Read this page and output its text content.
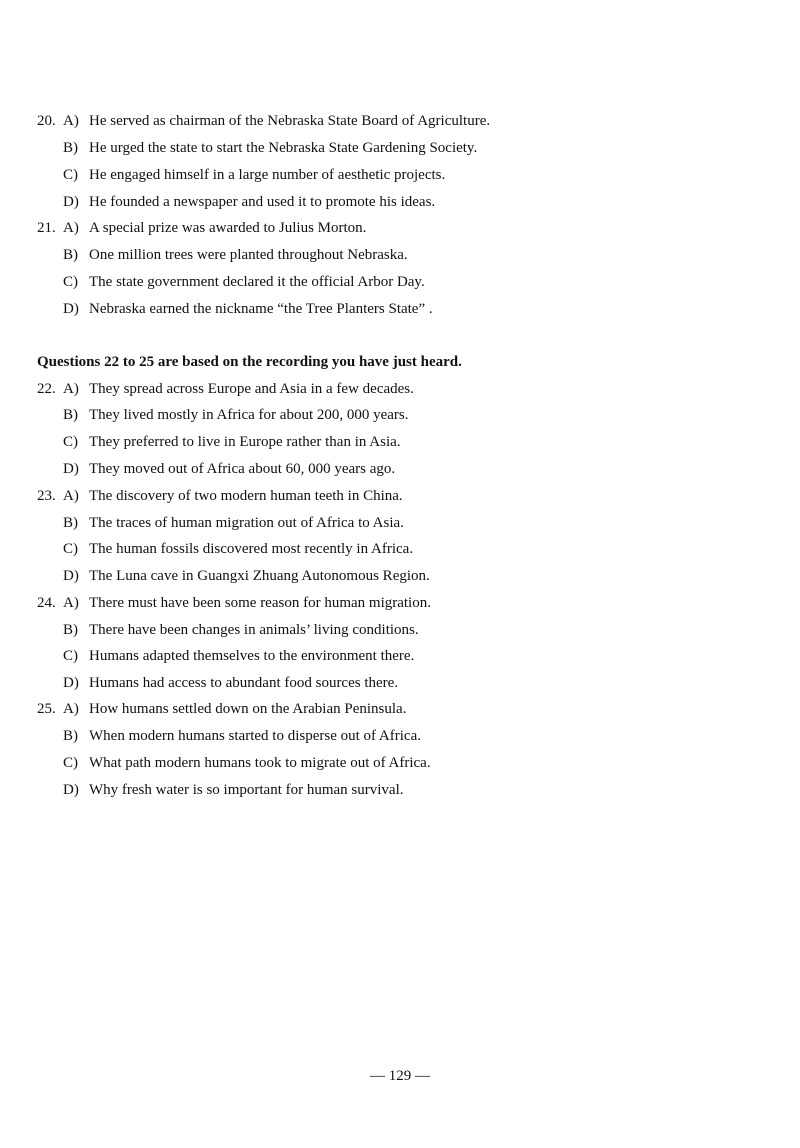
20. A) He served as chairman of the Nebraska State Board of Agriculture.
B) He urged the state to start the Nebraska State Gardening Society.
C) He engaged himself in a large number of aesthetic projects.
D) He founded a newspaper and used it to promote his ideas.
21. A) A special prize was awarded to Julius Morton.
B) One million trees were planted throughout Nebraska.
C) The state government declared it the official Arbor Day.
D) Nebraska earned the nickname “the Tree Planters State” .
Questions 22 to 25 are based on the recording you have just heard.
22. A) They spread across Europe and Asia in a few decades.
B) They lived mostly in Africa for about 200, 000 years.
C) They preferred to live in Europe rather than in Asia.
D) They moved out of Africa about 60, 000 years ago.
23. A) The discovery of two modern human teeth in China.
B) The traces of human migration out of Africa to Asia.
C) The human fossils discovered most recently in Africa.
D) The Luna cave in Guangxi Zhuang Autonomous Region.
24. A) There must have been some reason for human migration.
B) There have been changes in animals’ living conditions.
C) Humans adapted themselves to the environment there.
D) Humans had access to abundant food sources there.
25. A) How humans settled down on the Arabian Peninsula.
B) When modern humans started to disperse out of Africa.
C) What path modern humans took to migrate out of Africa.
D) Why fresh water is so important for human survival.
— 129 —
